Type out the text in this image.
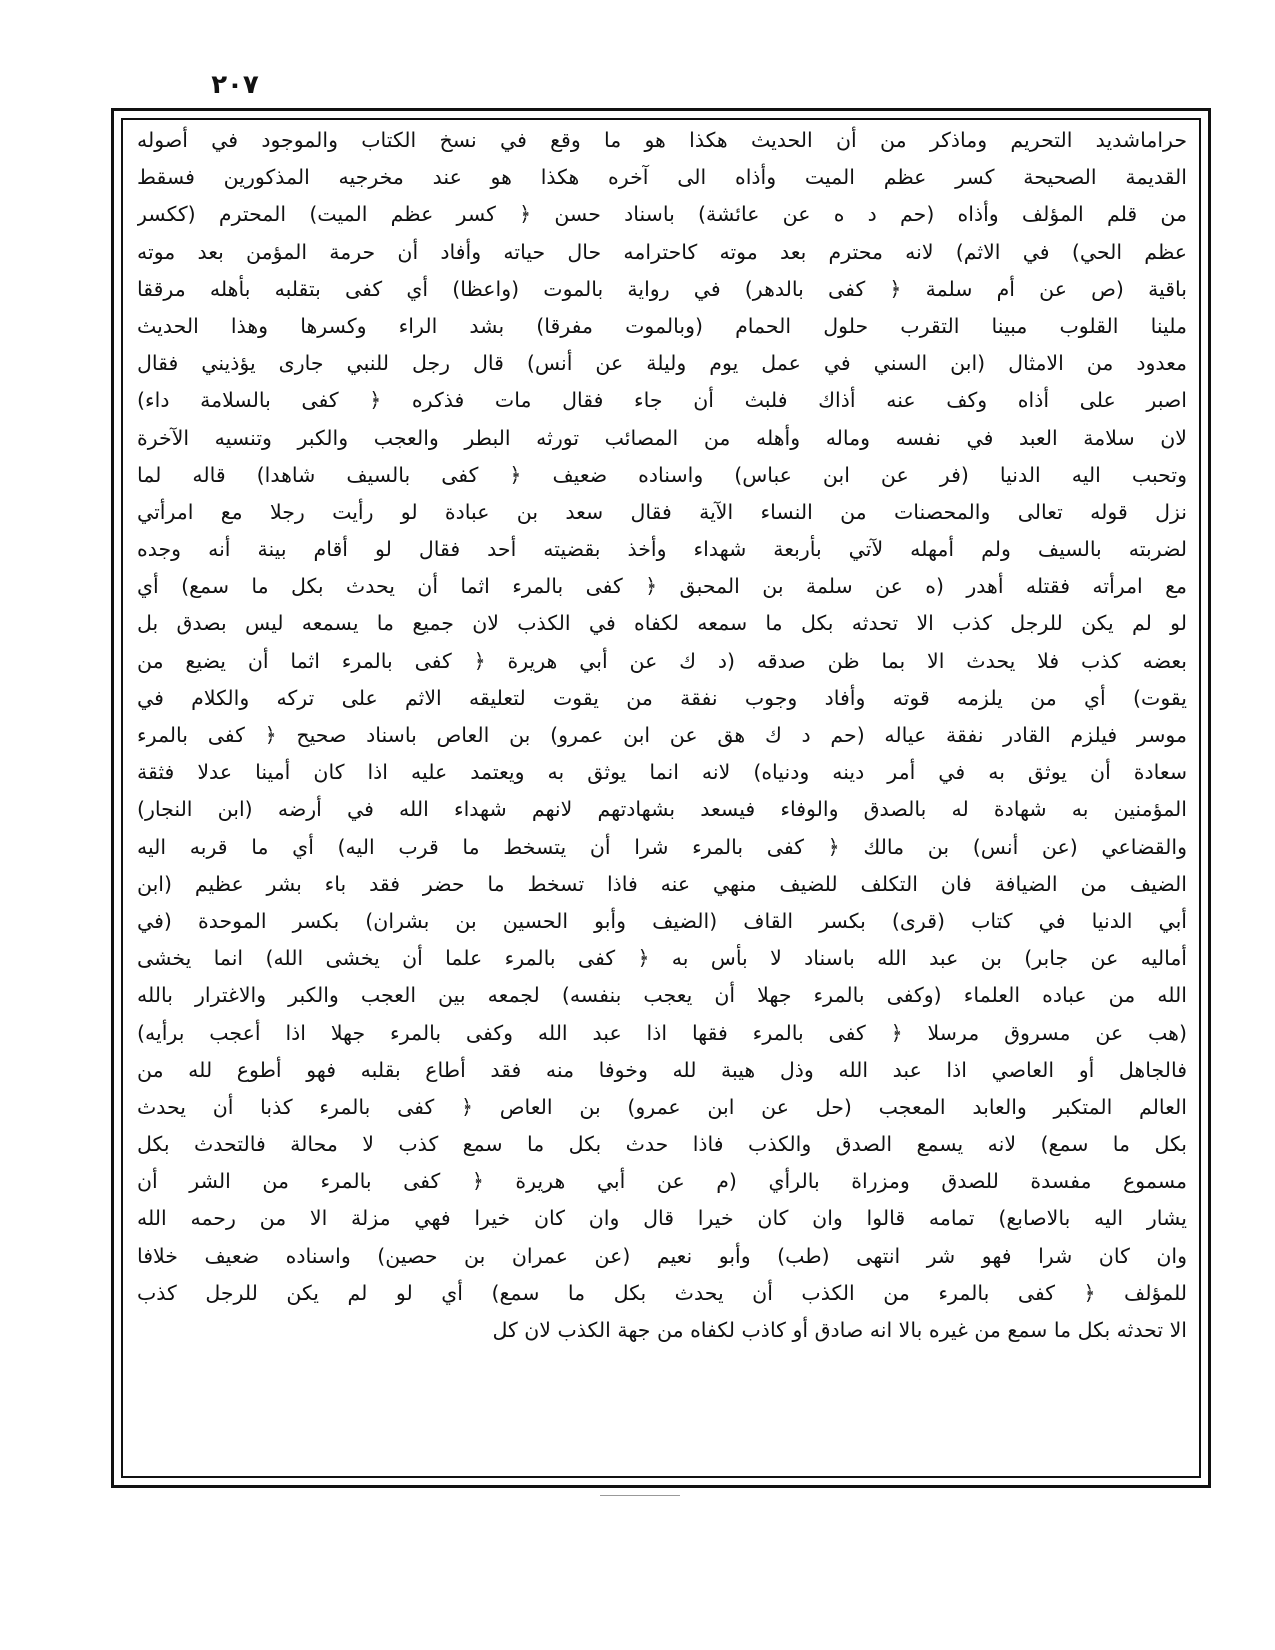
٢٠٧
حراماشديد التحريم وماذكر من أن الحديث هكذا هو ما وقع في نسخ الكتاب والموجود في أصوله
القديمة الصحيحة كسر عظم الميت وأذاه الى آخره هكذا هو عند مخرجيه المذكورين فسقط
من قلم المؤلف وأذاه (حم د ه عن عائشة) باسناد حسن ﴿ كسر عظم الميت) المحترم (ككسر
عظم الحي) في الاثم) لانه محترم بعد موته كاحترامه حال حياته وأفاد أن حرمة المؤمن بعد موته
باقية (ص عن أم سلمة ﴿ كفى بالدهر) في رواية بالموت (واعظا) أي كفى بتقلبه بأهله مرققا
ملينا القلوب مبينا التقرب حلول الحمام (وبالموت مفرقا) بشد الراء وكسرها وهذا الحديث
معدود من الامثال (ابن السني في عمل يوم وليلة عن أنس) قال رجل للنبي جارى يؤذيني فقال
اصبر على أذاه وكف عنه أذاك فلبث أن جاء فقال مات فذكره ﴿ كفى بالسلامة داء)
لان سلامة العبد في نفسه وماله وأهله من المصائب تورثه البطر والعجب والكبر وتنسيه الآخرة
وتحبب اليه الدنيا (فر عن ابن عباس) واسناده ضعيف ﴿ كفى بالسيف شاهدا) قاله لما
نزل قوله تعالى والمحصنات من النساء الآية فقال سعد بن عبادة لو رأيت رجلا مع امرأتي
لضربته بالسيف ولم أمهله لآتي بأربعة شهداء وأخذ بقضيته أحد فقال لو أقام بينة أنه وجده
مع امرأته فقتله أهدر (ه عن سلمة بن المحبق ﴿ كفى بالمرء اثما أن يحدث بكل ما سمع) أي
لو لم يكن للرجل كذب الا تحدثه بكل ما سمعه لكفاه في الكذب لان جميع ما يسمعه ليس بصدق بل
بعضه كذب فلا يحدث الا بما ظن صدقه (د ك عن أبي هريرة ﴿ كفى بالمرء اثما أن يضيع من
يقوت) أي من يلزمه قوته وأفاد وجوب نفقة من يقوت لتعليقه الاثم على تركه والكلام في
موسر فيلزم القادر نفقة عياله (حم د ك هق عن ابن عمرو) بن العاص باسناد صحيح ﴿ كفى بالمرء
سعادة أن يوثق به في أمر دينه ودنياه) لانه انما يوثق به ويعتمد عليه اذا كان أمينا عدلا فثقة
المؤمنين به شهادة له بالصدق والوفاء فيسعد بشهادتهم لانهم شهداء الله في أرضه (ابن النجار)
والقضاعي (عن أنس) بن مالك ﴿ كفى بالمرء شرا أن يتسخط ما قرب اليه) أي ما قربه اليه
الضيف من الضيافة فان التكلف للضيف منهي عنه فاذا تسخط ما حضر فقد باء بشر عظيم (ابن
أبي الدنيا في كتاب (قرى) بكسر القاف (الضيف وأبو الحسين بن بشران) بكسر الموحدة (في
أماليه عن جابر) بن عبد الله باسناد لا بأس به ﴿ كفى بالمرء علما أن يخشى الله) انما يخشى
الله من عباده العلماء (وكفى بالمرء جهلا أن يعجب بنفسه) لجمعه بين العجب والكبر والاغترار بالله
(هب عن مسروق مرسلا ﴿ كفى بالمرء فقها اذا عبد الله وكفى بالمرء جهلا اذا أعجب برأيه)
فالجاهل أو العاصي اذا عبد الله وذل هيبة لله وخوفا منه فقد أطاع بقلبه فهو أطوع لله من
العالم المتكبر والعابد المعجب (حل عن ابن عمرو) بن العاص ﴿ كفى بالمرء كذبا أن يحدث
بكل ما سمع) لانه يسمع الصدق والكذب فاذا حدث بكل ما سمع كذب لا محالة فالتحدث بكل
مسموع مفسدة للصدق ومزراة بالرأي (م عن أبي هريرة ﴿ كفى بالمرء من الشر أن
يشار اليه بالاصابع) تمامه قالوا وان كان خيرا قال وان كان خيرا فهي مزلة الا من رحمه الله
وان كان شرا فهو شر انتهى (طب) وأبو نعيم (عن عمران بن حصين) واسناده ضعيف خلافا
للمؤلف ﴿ كفى بالمرء من الكذب أن يحدث بكل ما سمع) أي لو لم يكن للرجل كذب
الا تحدثه بكل ما سمع من غيره بالا انه صادق أو كاذب لكفاه من جهة الكذب لان كل
